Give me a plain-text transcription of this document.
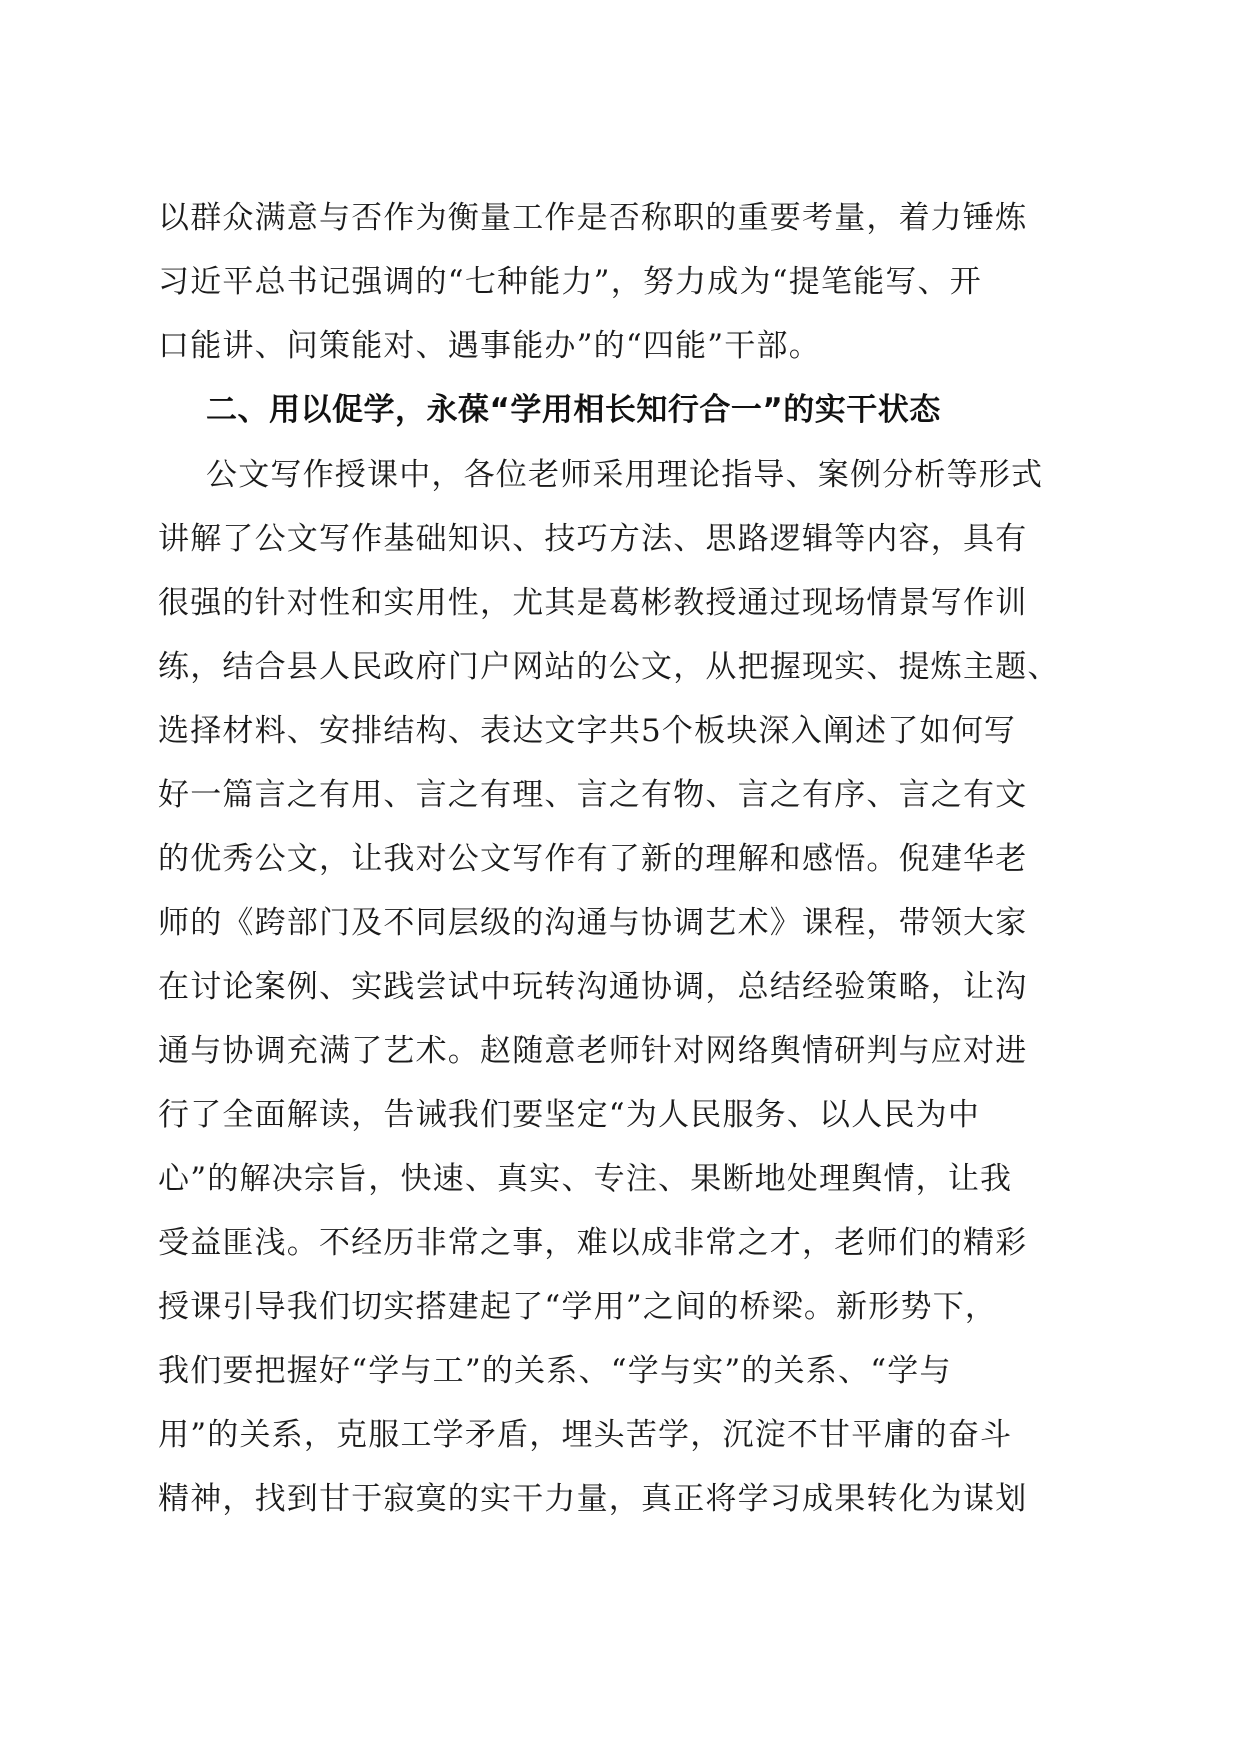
以群众满意与否作为衡量工作是否称职的重要考量，着力锤炼
习近平总书记强调的“七种能力”，努力成为“提笔能写、开
口能讲、问策能对、遇事能办”的“四能”干部。
二、用以促学，永葆“学用相长知行合一”的实干状态
公文写作授课中，各位老师采用理论指导、案例分析等形式
讲解了公文写作基础知识、技巧方法、思路逻辑等内容，具有
很强的针对性和实用性，尤其是葛彬教授通过现场情景写作训
练，结合县人民政府门户网站的公文，从把握现实、提炼主题、
选择材料、安排结构、表达文字共5个板块深入阐述了如何写
好一篇言之有用、言之有理、言之有物、言之有序、言之有文
的优秀公文，让我对公文写作有了新的理解和感悟。倪建华老
师的《跨部门及不同层级的沟通与协调艺术》课程，带领大家
在讨论案例、实践尝试中玩转沟通协调，总结经验策略，让沟
通与协调充满了艺术。赵随意老师针对网络舆情研判与应对进
行了全面解读，告诫我们要坚定“为人民服务、以人民为中
心”的解决宗旨，快速、真实、专注、果断地处理舆情，让我
受益匪浅。不经历非常之事，难以成非常之才，老师们的精彩
授课引导我们切实搭建起了“学用”之间的桥梁。新形势下，
我们要把握好“学与工”的关系、“学与实”的关系、“学与
用”的关系，克服工学矛盾，埋头苦学，沉淀不甘平庸的奋斗
精神，找到甘于寂寞的实干力量，真正将学习成果转化为谋划
